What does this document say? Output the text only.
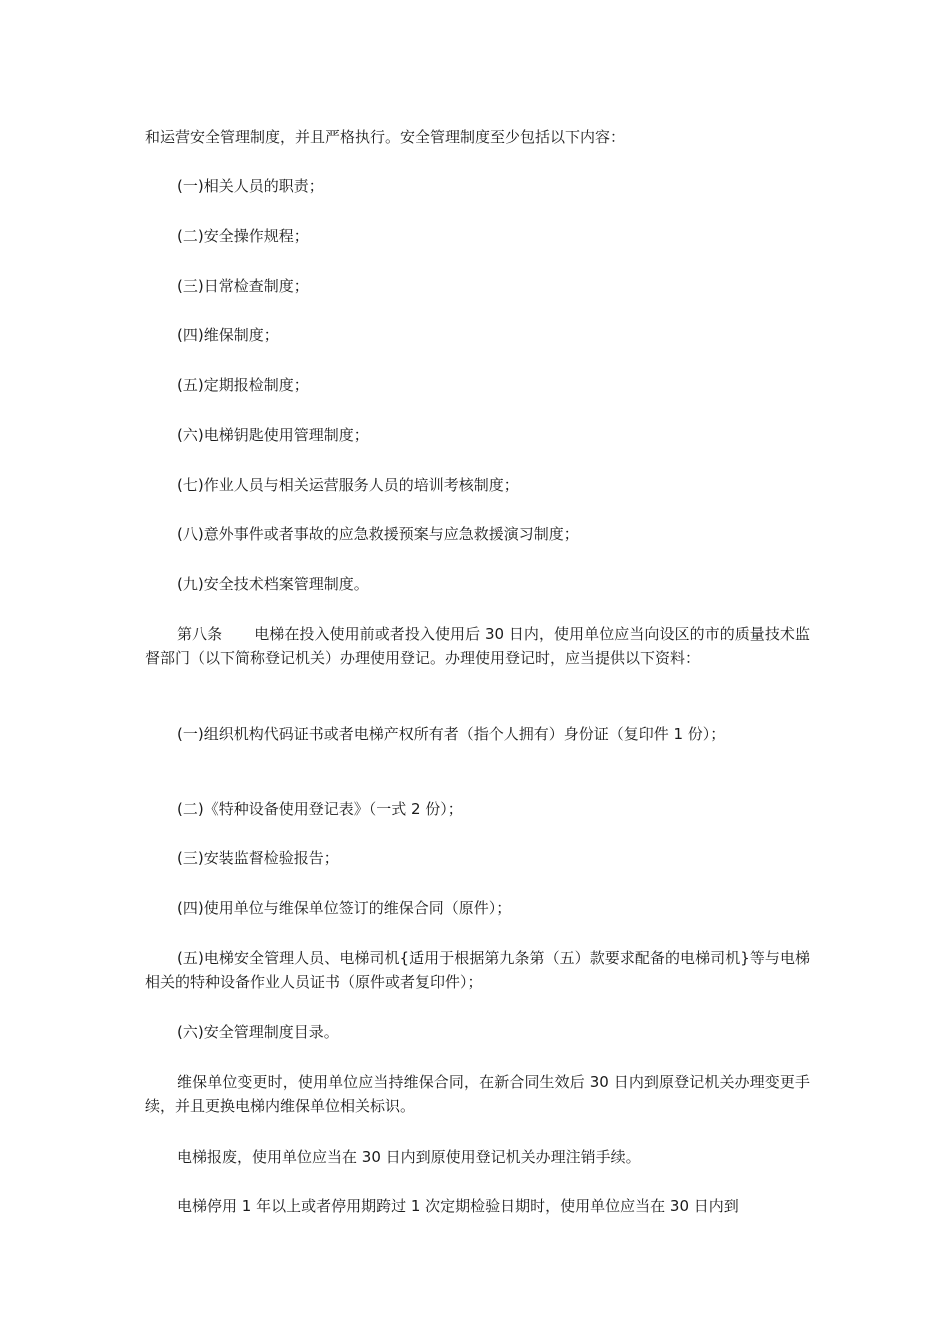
和运营安全管理制度，并且严格执行。安全管理制度至少包括以下内容：
(一)相关人员的职责；
(二)安全操作规程；
(三)日常检查制度；
(四)维保制度；
(五)定期报检制度；
(六)电梯钥匙使用管理制度；
(七)作业人员与相关运营服务人员的培训考核制度；
(八)意外事件或者事故的应急救援预案与应急救援演习制度；
(九)安全技术档案管理制度。
第八条 电梯在投入使用前或者投入使用后 30 日内，使用单位应当向设区的市的质量技术监督部门（以下简称登记机关）办理使用登记。办理使用登记时，应当提供以下资料：
(一)组织机构代码证书或者电梯产权所有者（指个人拥有）身份证（复印件 1 份）；
(二)《特种设备使用登记表》（一式 2 份）；
(三)安装监督检验报告；
(四)使用单位与维保单位签订的维保合同（原件）；
(五)电梯安全管理人员、电梯司机{适用于根据第九条第（五）款要求配备的电梯司机}等与电梯相关的特种设备作业人员证书（原件或者复印件）；
(六)安全管理制度目录。
维保单位变更时，使用单位应当持维保合同，在新合同生效后 30 日内到原登记机关办理变更手续，并且更换电梯内维保单位相关标识。
电梯报废，使用单位应当在 30 日内到原使用登记机关办理注销手续。
电梯停用 1 年以上或者停用期跨过 1 次定期检验日期时，使用单位应当在 30 日内到
